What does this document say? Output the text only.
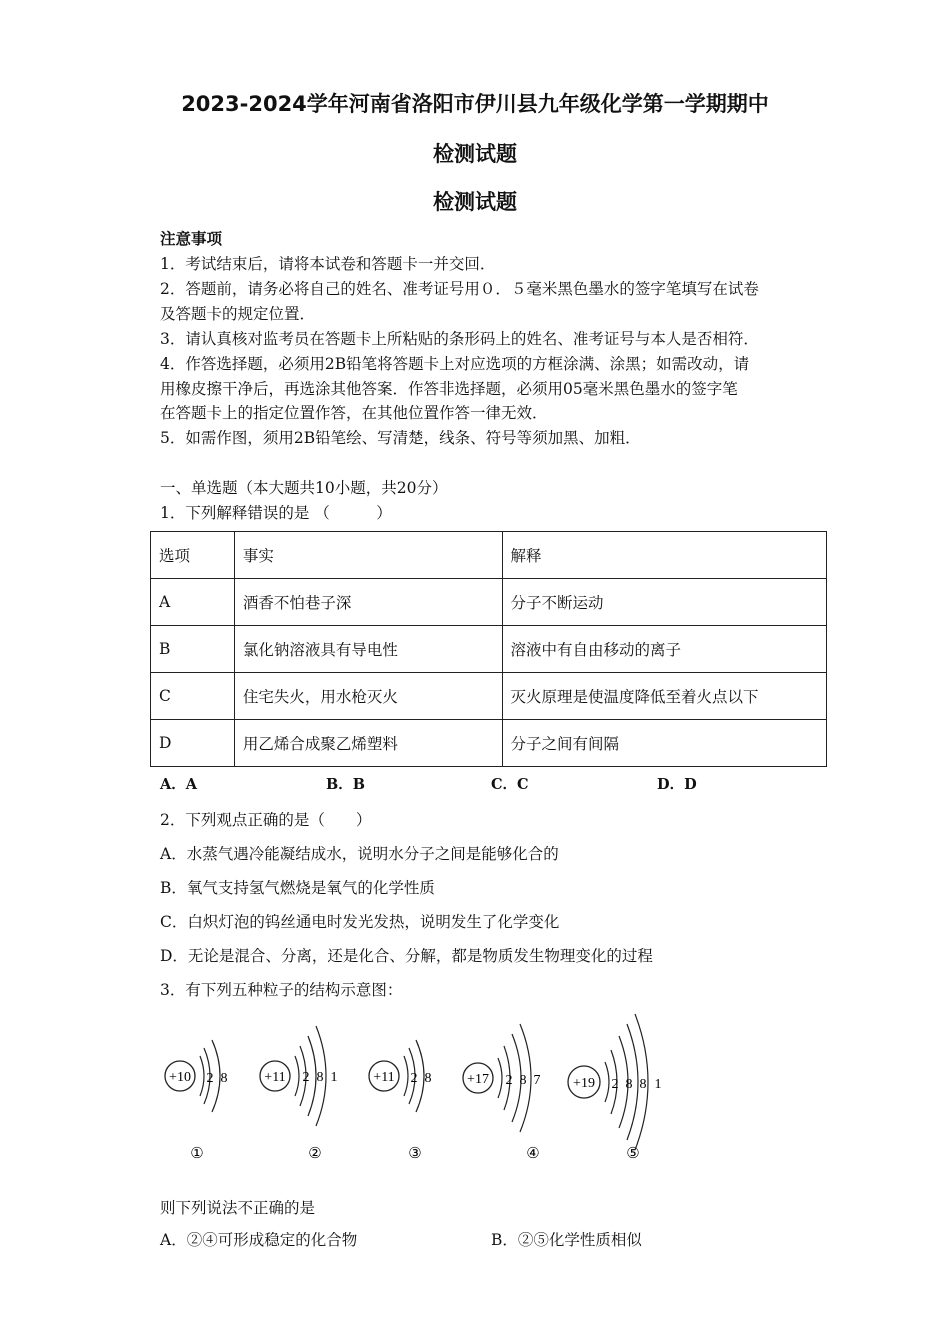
2023-2024学年河南省洛阳市伊川县九年级化学第一学期期中
检测试题
检测试题
注意事项
1．考试结束后，请将本试卷和答题卡一并交回．
2．答题前，请务必将自己的姓名、准考证号用０．５毫米黑色墨水的签字笔填写在试卷
及答题卡的规定位置．
3．请认真核对监考员在答题卡上所粘贴的条形码上的姓名、准考证号与本人是否相符．
4．作答选择题，必须用2B铅笔将答题卡上对应选项的方框涂满、涂黑；如需改动，请
用橡皮擦干净后，再选涂其他答案．作答非选择题，必须用05毫米黑色墨水的签字笔
在答题卡上的指定位置作答，在其他位置作答一律无效．
5．如需作图，须用2B铅笔绘、写清楚，线条、符号等须加黑、加粗．
一、单选题（本大题共10小题，共20分）
1．下列解释错误的是 （　　　）
选项	事实	解释
A	酒香不怕巷子深	分子不断运动
B	氯化钠溶液具有导电性	溶液中有自由移动的离子
C	住宅失火，用水枪灭火	灭火原理是使温度降低至着火点以下
D	用乙烯合成聚乙烯塑料	分子之间有间隔
A．A	B．B	C．C	D．D
2．下列观点正确的是（　　）
A．水蒸气遇冷能凝结成水，说明水分子之间是能够化合的
B．氧气支持氢气燃烧是氧气的化学性质
C．白炽灯泡的钨丝通电时发光发热，说明发生了化学变化
D．无论是混合、分离，还是化合、分解，都是物质发生物理变化的过程
3．有下列五种粒子的结构示意图：
+10 2 8
①
+11 2 8 1
②
+11 2 8
③
+17 2 8 7
④
+19 2 8 8 1
⑤
则下列说法不正确的是
A．②④可形成稳定的化合物	B．②⑤化学性质相似
